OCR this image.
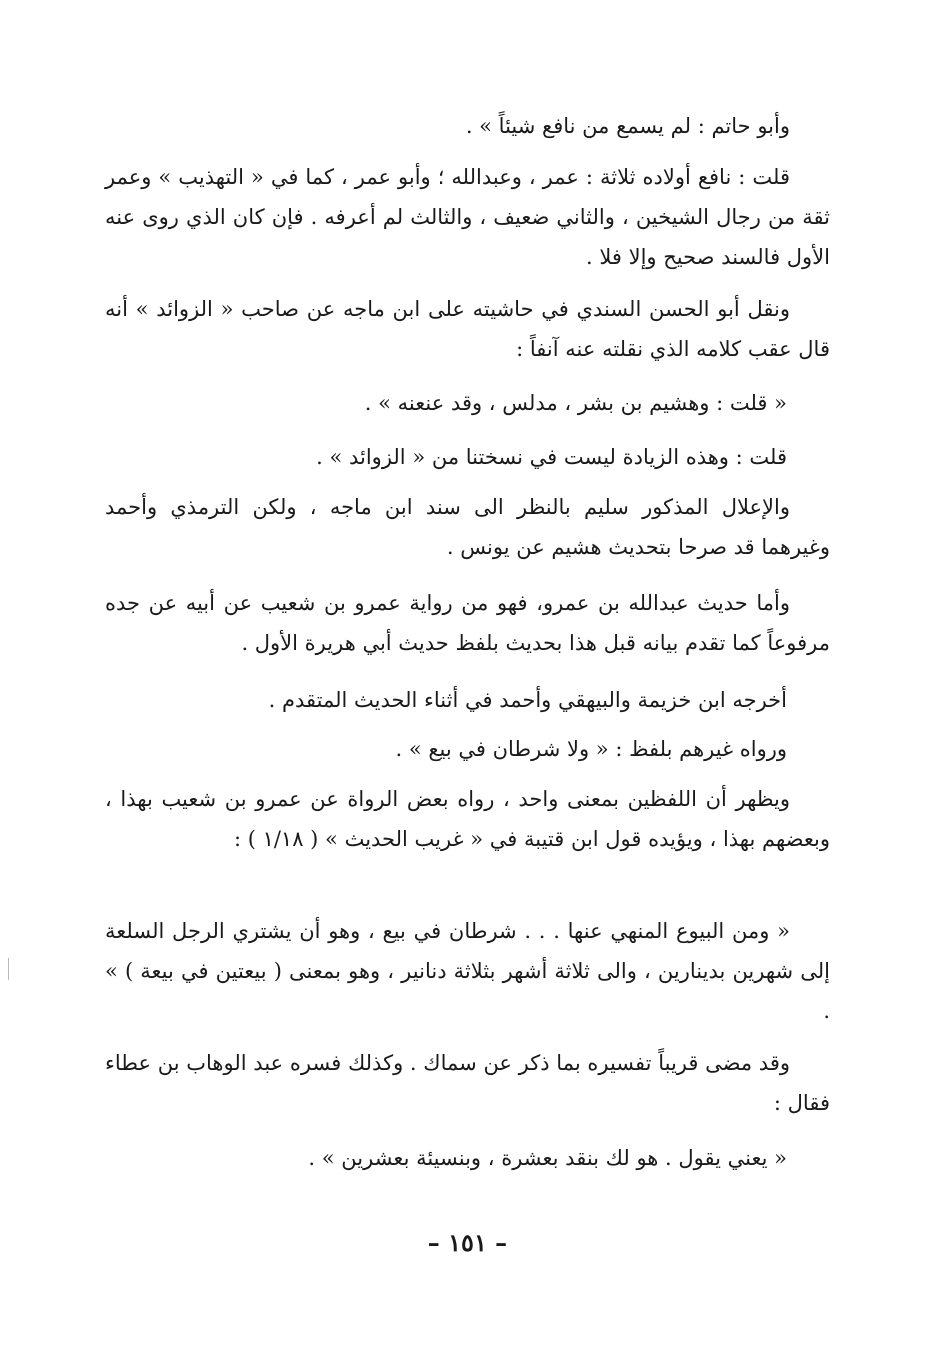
وأبو حاتم : لم يسمع من نافع شيئاً » .

قلت : نافع أولاده ثلاثة : عمر ، وعبدالله ؛ وأبو عمر ، كما في « التهذيب » وعمر ثقة من رجال الشيخين ، والثاني ضعيف ، والثالث لم أعرفه . فإن كان الذي روى عنه الأول فالسند صحيح وإلا فلا .

ونقل أبو الحسن السندي في حاشيته على ابن ماجه عن صاحب « الزوائد » أنه قال عقب كلامه الذي نقلته عنه آنفاً :

« قلت : وهشيم بن بشر ، مدلس ، وقد عنعنه » .

قلت : وهذه الزيادة ليست في نسختنا من « الزوائد » .

والإعلال المذكور سليم بالنظر الى سند ابن ماجه ، ولكن الترمذي وأحمد وغيرهما قد صرحا بتحديث هشيم عن يونس .

وأما حديث عبدالله بن عمرو، فهو من رواية عمرو بن شعيب عن أبيه عن جده مرفوعاً كما تقدم بيانه قبل هذا بحديث بلفظ حديث أبي هريرة الأول .

أخرجه ابن خزيمة والبيهقي وأحمد في أثناء الحديث المتقدم .

ورواه غيرهم بلفظ : « ولا شرطان في بيع » .

ويظهر أن اللفظين بمعنى واحد ، رواه بعض الرواة عن عمرو بن شعيب بهذا ، وبعضهم بهذا ، ويؤيده قول ابن قتيبة في « غريب الحديث » ( ١/١٨ ) :

« ومن البيوع المنهي عنها . . . شرطان في بيع ، وهو أن يشتري الرجل السلعة إلى شهرين بدينارين ، والى ثلاثة أشهر بثلاثة دنانير ، وهو بمعنى ( بيعتين في بيعة ) » .

وقد مضى قريباً تفسيره بما ذكر عن سماك . وكذلك فسره عبد الوهاب بن عطاء فقال :

« يعني يقول . هو لك بنقد بعشرة ، وبنسيئة بعشرين » .

– ١٥١ –
